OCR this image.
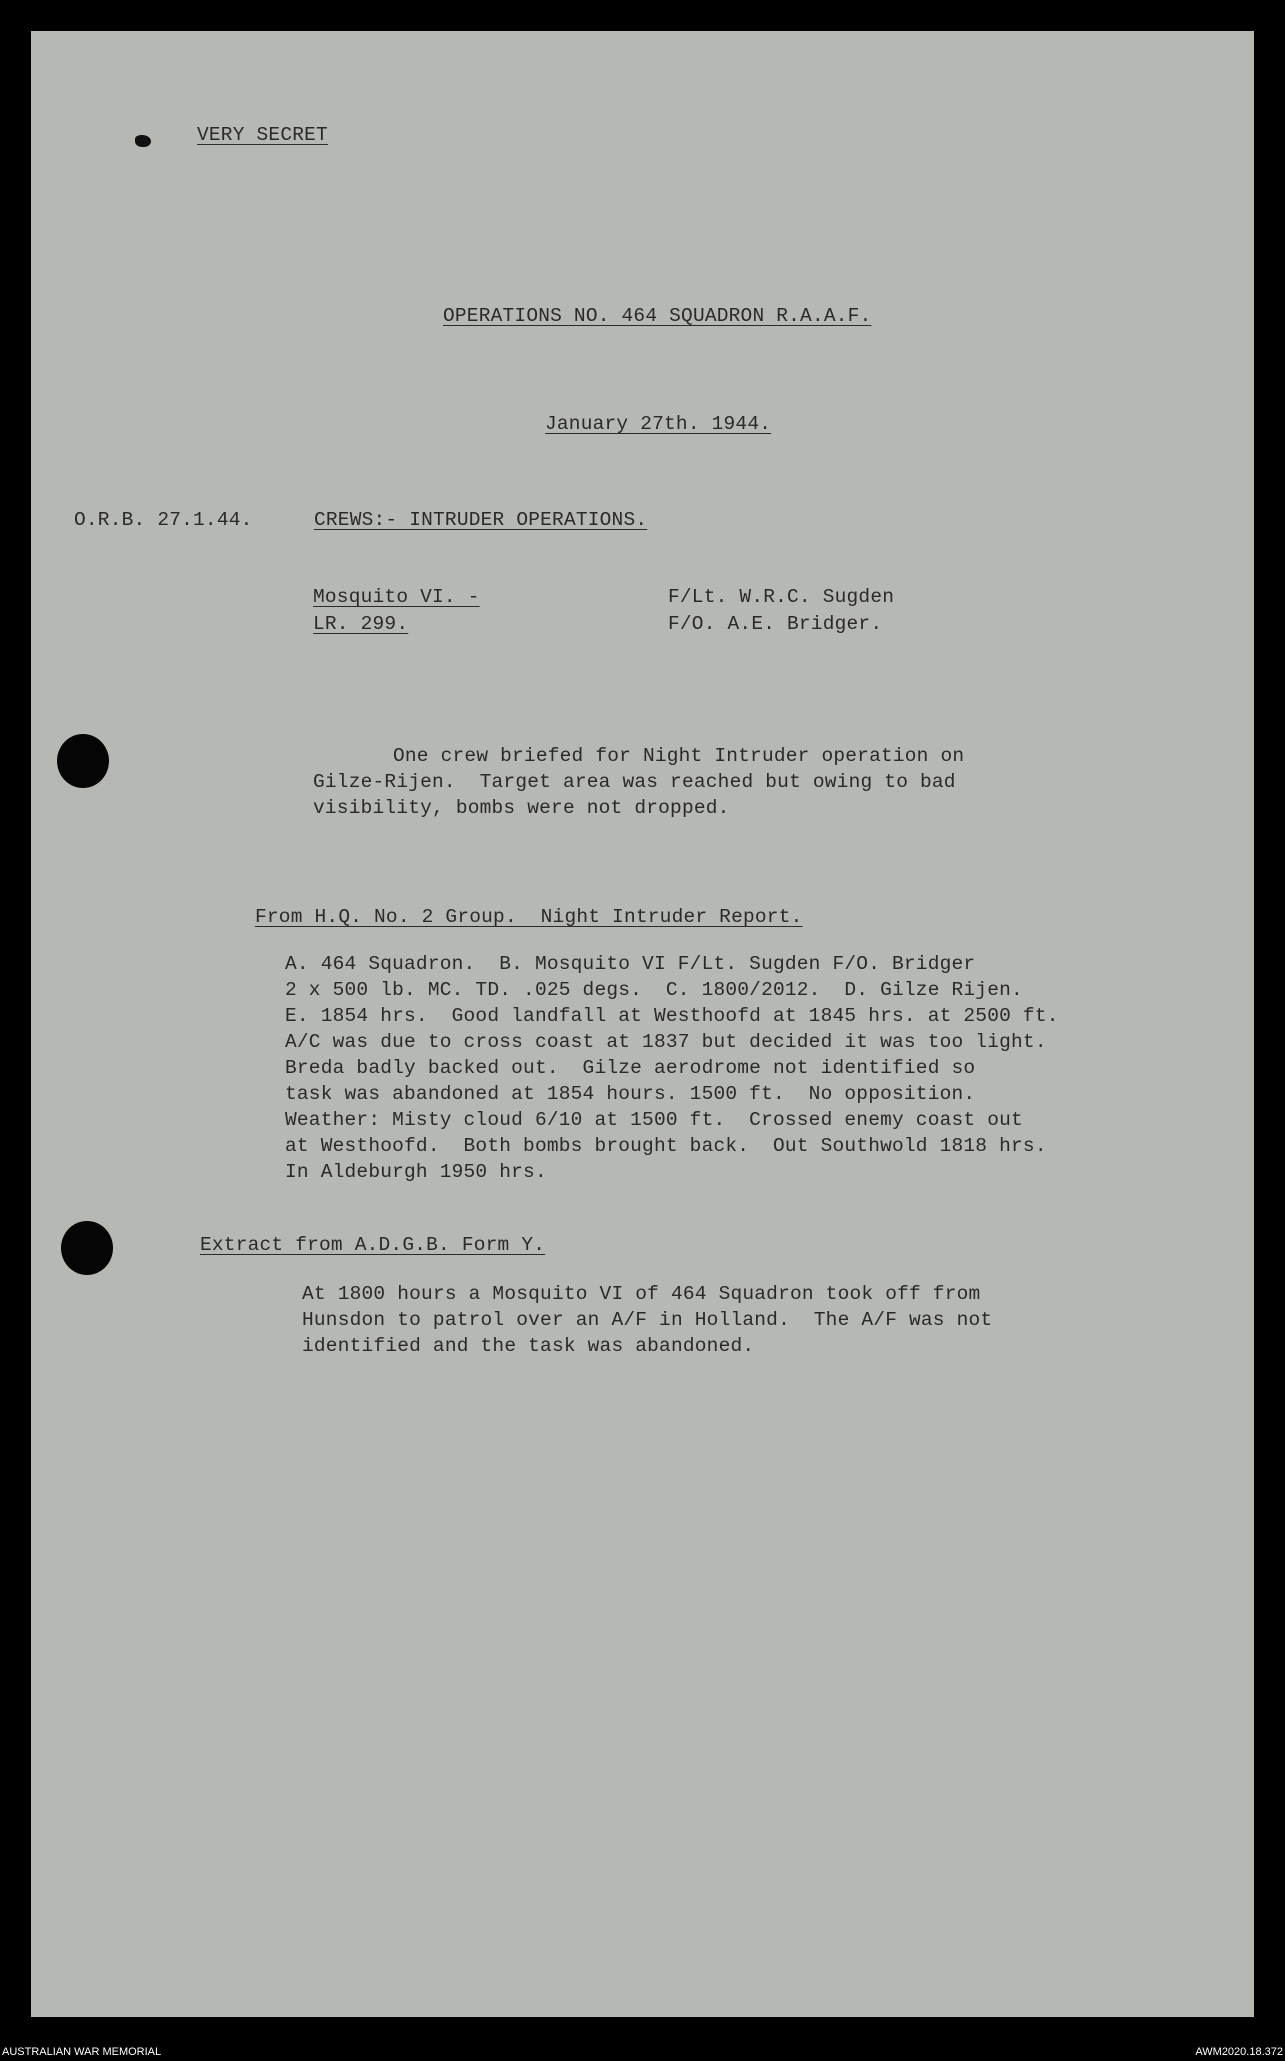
VERY SECRET
OPERATIONS NO. 464 SQUADRON R.A.A.F.
January 27th. 1944.
O.R.B. 27.1.44.	CREWS:- INTRUDER OPERATIONS.
Mosquito VI. -
LR. 299.
F/Lt. W.R.C. Sugden
F/O. A.E. Bridger.
One crew briefed for Night Intruder operation on
Gilze-Rijen.  Target area was reached but owing to bad
visibility, bombs were not dropped.
From H.Q. No. 2 Group.  Night Intruder Report.
A. 464 Squadron.  B. Mosquito VI F/Lt. Sugden F/O. Bridger
2 x 500 lb. MC. TD. .025 degs.  C. 1800/2012.  D. Gilze Rijen.
E. 1854 hrs.  Good landfall at Westhoofd at 1845 hrs. at 2500 ft.
A/C was due to cross coast at 1837 but decided it was too light.
Breda badly backed out.  Gilze aerodrome not identified so
task was abandoned at 1854 hours. 1500 ft.  No opposition.
Weather: Misty cloud 6/10 at 1500 ft.  Crossed enemy coast out
at Westhoofd.  Both bombs brought back.  Out Southwold 1818 hrs.
In Aldeburgh 1950 hrs.
Extract from A.D.G.B. Form Y.
At 1800 hours a Mosquito VI of 464 Squadron took off from
Hunsdon to patrol over an A/F in Holland.  The A/F was not
identified and the task was abandoned.
AUSTRALIAN WAR MEMORIAL	AWM2020.18.372
